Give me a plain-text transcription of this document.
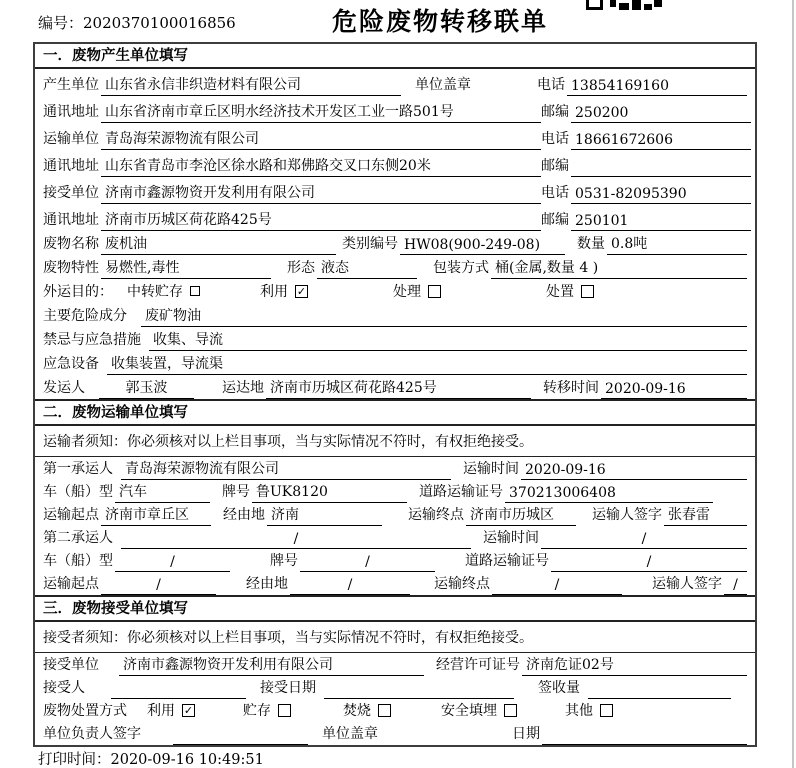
编号：2020370100016856	危险废物转移联单
一．废物产生单位填写
产生单位 山东省永信非织造材料有限公司	单位盖章	电话 13854169160
通讯地址 山东省济南市章丘区明水经济技术开发区工业一路501号	邮编 250200
运输单位 青岛海荣源物流有限公司	电话 18661672606
通讯地址 山东省青岛市李沧区徐水路和郑佛路交叉口东侧20米	邮编
接受单位 济南市鑫源物资开发利用有限公司	电话 0531-82095390
通讯地址 济南市历城区荷花路425号	邮编 250101
废物名称 废机油	类别编号 HW08(900-249-08)	数量 0.8吨
废物特性 易燃性,毒性	形态 液态	包装方式 桶(金属,数量 4 )
外运目的： 中转贮存	利用 ✓	处理	处置
主要危险成分 废矿物油
禁忌与应急措施 收集、导流
应急设备 收集装置，导流渠
发运人	郭玉波	运达地 济南市历城区荷花路425号	转移时间 2020-09-16
二．废物运输单位填写
运输者须知：你必须核对以上栏目事项，当与实际情况不符时，有权拒绝接受。
第一承运人 青岛海荣源物流有限公司	运输时间 2020-09-16
车（船）型 汽车	牌号 鲁UK8120	道路运输证号 370213006408
运输起点 济南市章丘区	经由地 济南	运输终点 济南市历城区	运输人签字 张春雷
第二承运人	/	运输时间	/
车（船）型	/	牌号	/	道路运输证号	/
运输起点	/	经由地	/	运输终点	/	运输人签字 /
三．废物接受单位填写
接受者须知：你必须核对以上栏目事项，当与实际情况不符时，有权拒绝接受。
接受单位 济南市鑫源物资开发利用有限公司	经营许可证号 济南危证02号
接受人	接受日期	签收量
废物处置方式 利用 ✓	贮存	焚烧	安全填埋	其他
单位负责人签字	单位盖章	日期
打印时间：2020-09-16 10:49:51
